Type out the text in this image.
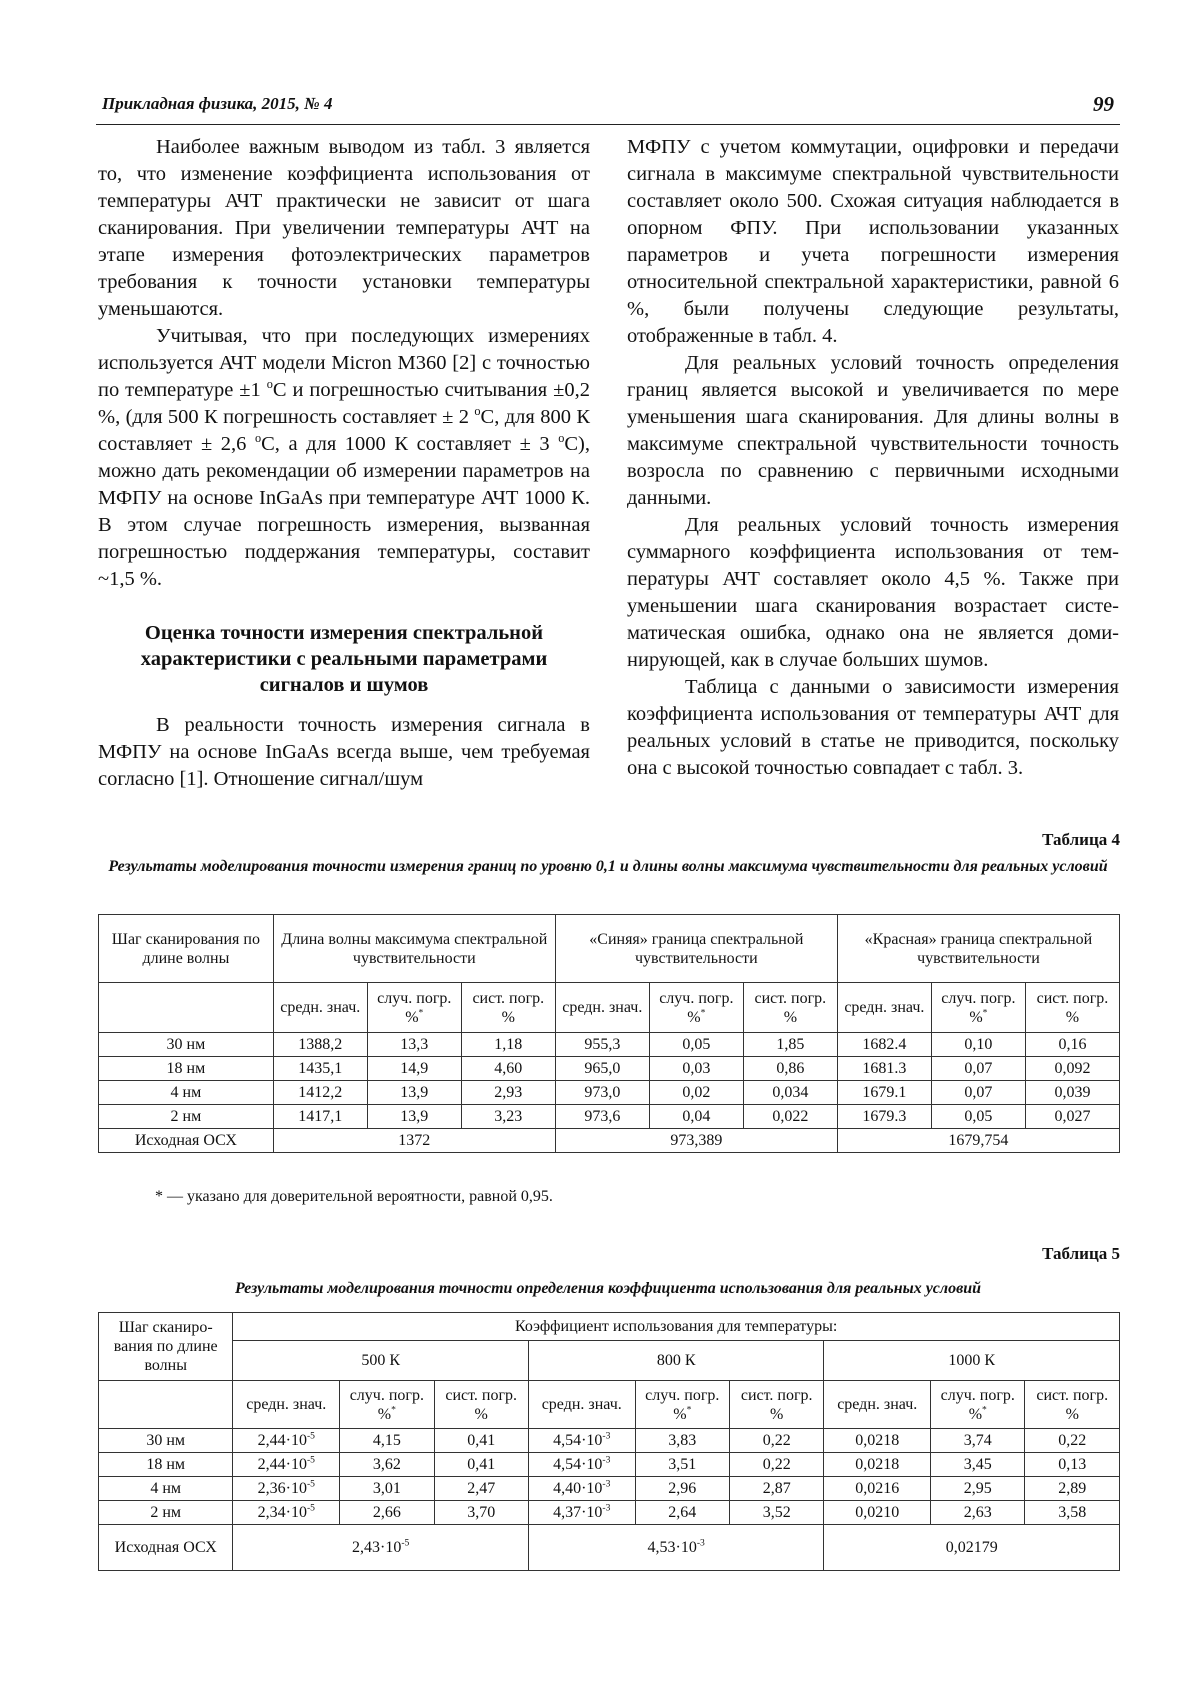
Прикладная физика, 2015, № 4	99

Наиболее важным выводом из табл. 3 является то, что изменение коэффициента использования от температуры АЧТ практически не зависит от шага сканирования. При увеличении температуры АЧТ на этапе измерения фотоэлектрических параметров требования к точности установки температуры уменьшаются.

Учитывая, что при последующих измерениях используется АЧТ модели Micron M360 [2] с точностью по температуре ±1 $^o$С и погрешностью считывания ±0,2 %, (для 500 К погрешность составляет ± 2 $^o$С, для 800 К составляет ± 2,6 $^o$С, а для 1000 К составляет ± 3 $^o$С), можно дать рекомендации об измерении параметров на МФПУ на основе InGaAs при температуре АЧТ 1000 К. В этом случае погрешность измерения, вызванная погрешностью поддержания температуры, составит ~1,5 %.

Оценка точности измерения спектральной характеристики с реальными параметрами сигналов и шумов

В реальности точность измерения сигнала в МФПУ на основе InGaAs всегда выше, чем требуемая согласно [1]. Отношение сигнал/шум

МФПУ с учетом коммутации, оцифровки и передачи сигнала в максимуме спектральной чувствительности составляет около 500. Схожая ситуация наблюдается в опорном ФПУ. При использовании указанных параметров и учета погрешности измерения относительной спектральной характеристики, равной 6 %, были получены следующие результаты, отображенные в табл. 4.

Для реальных условий точность определения границ является высокой и увеличивается по мере уменьшения шага сканирования. Для длины волны в максимуме спектральной чувствительности точность возросла по сравнению с первичными исходными данными.

Для реальных условий точность измерения суммарного коэффициента использования от температуры АЧТ составляет около 4,5 %. Также при уменьшении шага сканирования возрастает систематическая ошибка, однако она не является доминирующей, как в случае больших шумов.

Таблица с данными о зависимости измерения коэффициента использования от температуры АЧТ для реальных условий в статье не приводится, поскольку она с высокой точностью совпадает с табл. 3.

Таблица 4
Результаты моделирования точности измерения границ по уровню 0,1 и длины волны максимума чувствительности для реальных условий
Шаг сканирования по длине волны	Длина волны максимума спектральной чувствительности			«Синяя» граница спектральной чувствительности			«Красная» граница спектральной чувствительности		
	средн. знач.	случ. погр. %*	сист. погр. %	средн. знач.	случ. погр. %*	сист. погр. %	средн. знач.	случ. погр. %*	сист. погр. %
30 нм	1388,2	13,3	1,18	955,3	0,05	1,85	1682.4	0,10	0,16
18 нм	1435,1	14,9	4,60	965,0	0,03	0,86	1681.3	0,07	0,092
4 нм	1412,2	13,9	2,93	973,0	0,02	0,034	1679.1	0,07	0,039
2 нм	1417,1	13,9	3,23	973,6	0,04	0,022	1679.3	0,05	0,027
Исходная ОСХ	1372			973,389			1679,754		
* — указано для доверительной вероятности, равной 0,95.
Таблица 5
Результаты моделирования точности определения коэффициента использования для реальных условий
Шаг сканирования по длине волны	Коэффициент использования для температуры:								
	500 К			800 К			1000 К		
	средн. знач.	случ. погр. %*	сист. погр. %	средн. знач.	случ. погр. %*	сист. погр. %	средн. знач.	случ. погр. %*	сист. погр. %
30 нм	$2,44\cdot 10^{-5}$	4,15	0,41	$4,54\cdot 10^{-3}$	3,83	0,22	0,0218	3,74	0,22
18 нм	$2,44\cdot 10^{-5}$	3,62	0,41	$4,54\cdot 10^{-3}$	3,51	0,22	0,0218	3,45	0,13
4 нм	$2,36\cdot 10^{-5}$	3,01	2,47	$4,40\cdot 10^{-3}$	2,96	2,87	0,0216	2,95	2,89
2 нм	$2,34\cdot 10^{-5}$	2,66	3,70	$4,37\cdot 10^{-3}$	2,64	3,52	0,0210	2,63	3,58
Исходная ОСХ	$2,43\cdot 10^{-5}$			$4,53\cdot 10^{-3}$			0,02179		
